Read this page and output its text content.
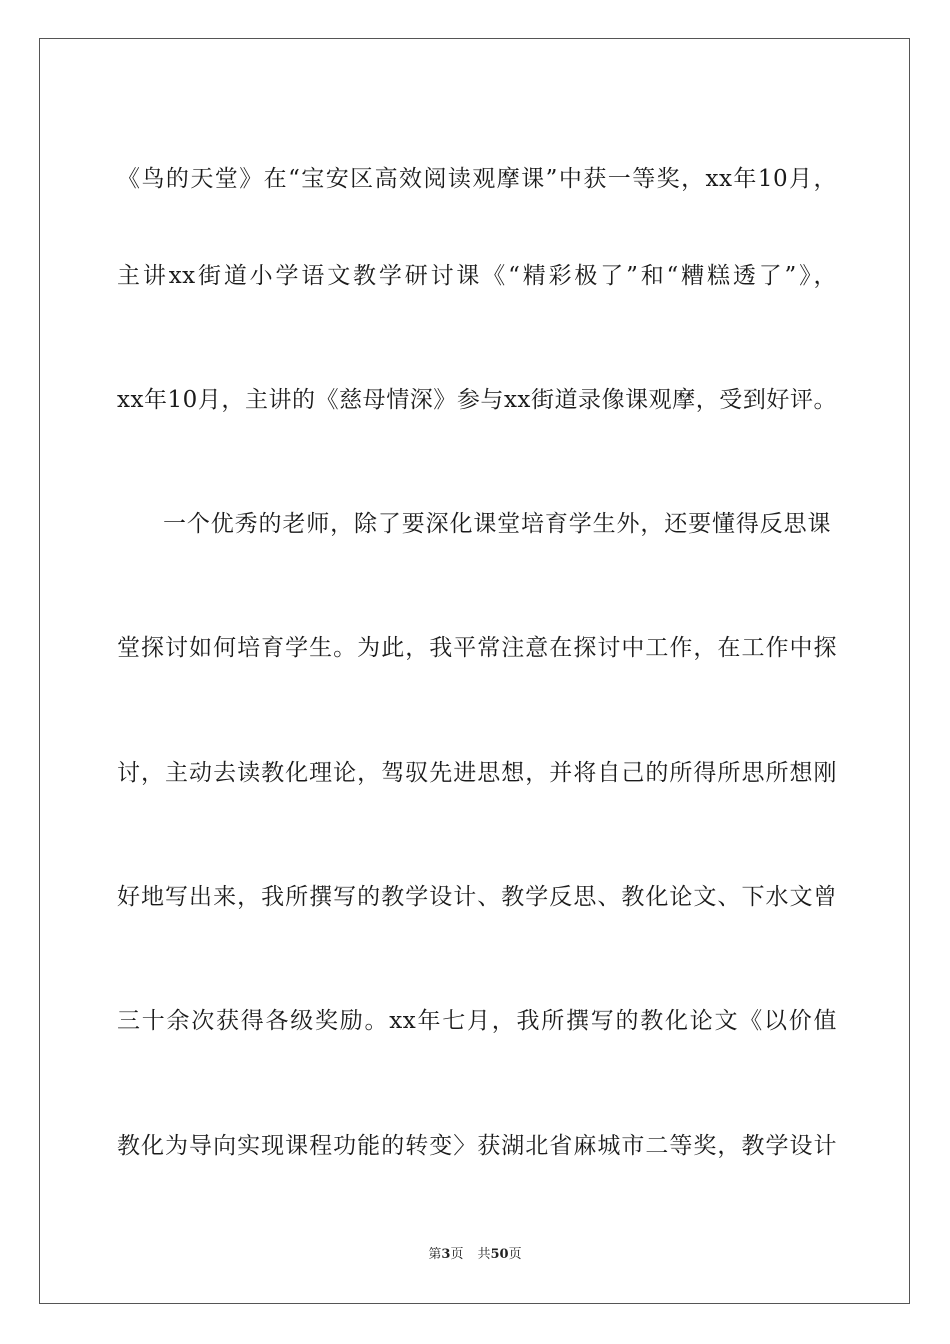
《鸟的天堂》在“宝安区高效阅读观摩课”中获一等奖，xx年10月，
主讲xx街道小学语文教学研讨课《“精彩极了”和“糟糕透了”》，
xx年10月，主讲的《慈母情深》参与xx街道录像课观摩，受到好评。
一个优秀的老师，除了要深化课堂培育学生外，还要懂得反思课
堂探讨如何培育学生。为此，我平常注意在探讨中工作，在工作中探
讨，主动去读教化理论，驾驭先进思想，并将自己的所得所思所想刚
好地写出来，我所撰写的教学设计、教学反思、教化论文、下水文曾
三十余次获得各级奖励。xx年七月，我所撰写的教化论文《以价值
教化为导向实现课程功能的转变〉获湖北省麻城市二等奖，教学设计
第3页 共50页
